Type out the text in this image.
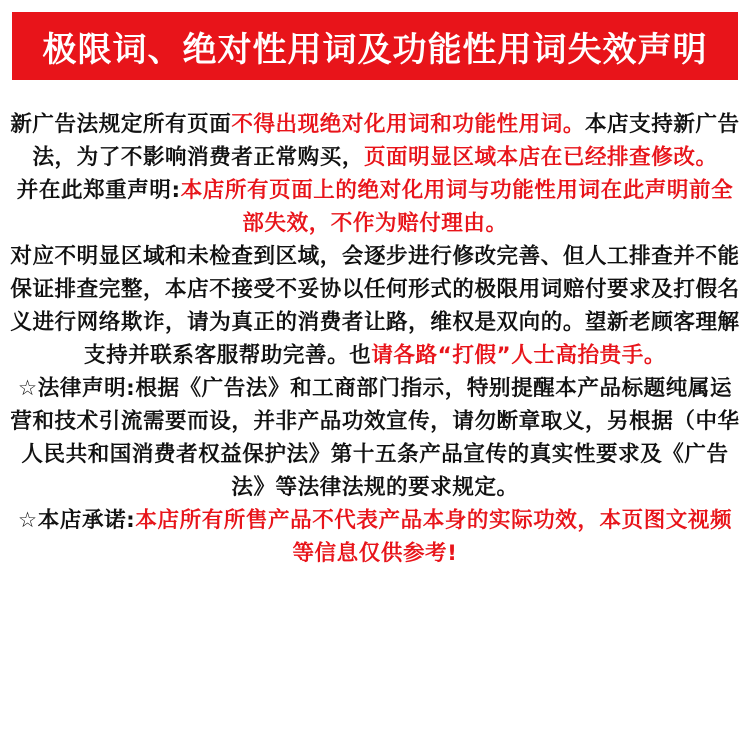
极限词、绝对性用词及功能性用词失效声明

新广告法规定所有页面不得出现绝对化用词和功能性用词。本店支持新广告法，为了不影响消费者正常购买，页面明显区域本店在已经排查修改。

并在此郑重声明:本店所有页面上的绝对化用词与功能性用词在此声明前全部失效，不作为赔付理由。

对应不明显区域和未检查到区域，会逐步进行修改完善、但人工排查并不能保证排查完整，本店不接受不妥协以任何形式的极限用词赔付要求及打假名义进行网络欺诈，请为真正的消费者让路，维权是双向的。望新老顾客理解支持并联系客服帮助完善。也请各路“打假”人士高抬贵手。

☆法律声明:根据《广告法》和工商部门指示，特别提醒本产品标题纯属运营和技术引流需要而设，并非产品功效宣传，请勿断章取义，另根据（中华人民共和国消费者权益保护法》第十五条产品宣传的真实性要求及《广告法》等法律法规的要求规定。

☆本店承诺:本店所有所售产品不代表产品本身的实际功效，本页图文视频等信息仅供参考!
